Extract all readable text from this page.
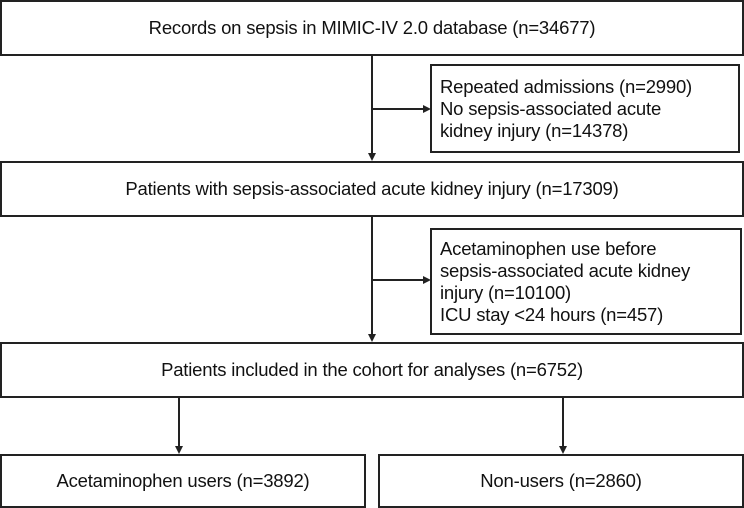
Records on sepsis in MIMIC-IV 2.0 database (n=34677)
Repeated admissions (n=2990)
No sepsis-associated acute
kidney injury (n=14378)
Patients with sepsis-associated acute kidney injury (n=17309)
Acetaminophen use before
sepsis-associated acute kidney
injury (n=10100)
ICU stay <24 hours (n=457)
Patients included in the cohort for analyses (n=6752)
Acetaminophen users (n=3892)	Non-users (n=2860)
